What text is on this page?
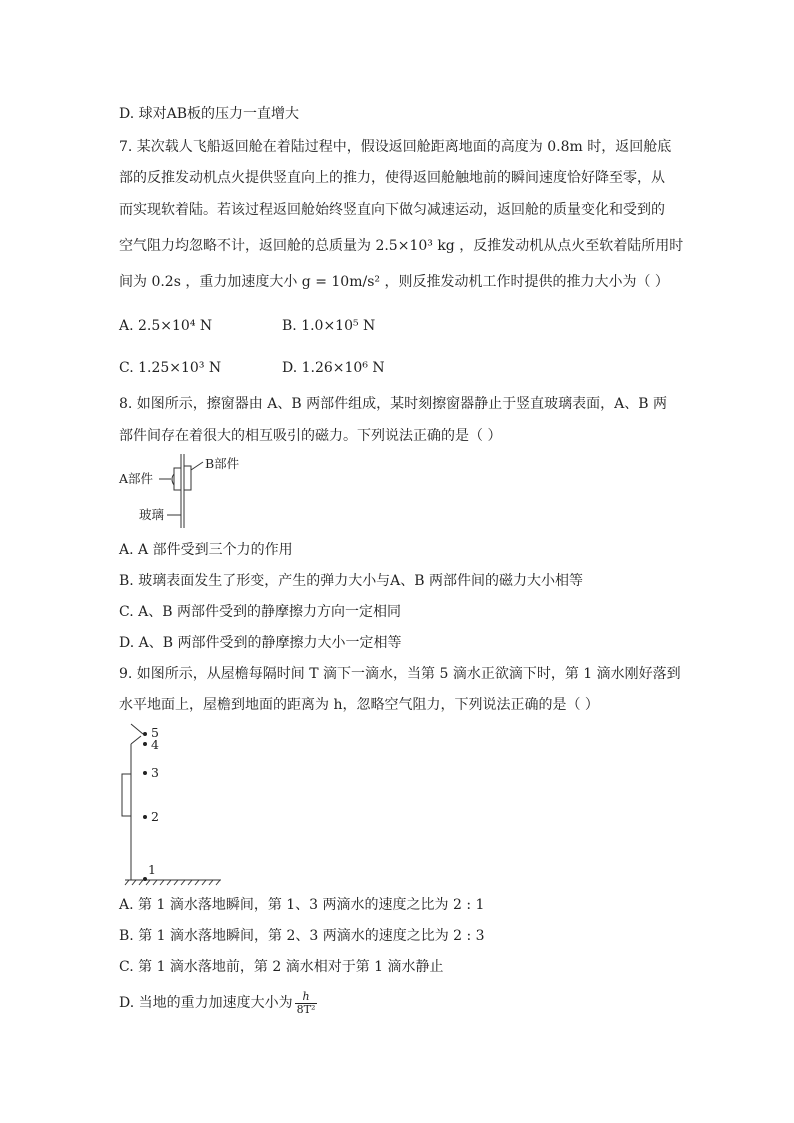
D. 球对AB板的压力一直增大
7. 某次载人飞船返回舱在着陆过程中，假设返回舱距离地面的高度为 0.8m 时，返回舱底
部的反推发动机点火提供竖直向上的推力，使得返回舱触地前的瞬间速度恰好降至零，从
而实现软着陆。若该过程返回舱始终竖直向下做匀减速运动，返回舱的质量变化和受到的
空气阻力均忽略不计，返回舱的总质量为 2.5×10³ kg ，反推发动机从点火至软着陆所用时
间为 0.2s ，重力加速度大小 g = 10m/s² ，则反推发动机工作时提供的推力大小为（ ）
A. 2.5×10⁴ N	B. 1.0×10⁵ N
C. 1.25×10³ N	D. 1.26×10⁶ N
8. 如图所示，擦窗器由 A、B 两部件组成，某时刻擦窗器静止于竖直玻璃表面，A、B 两
部件间存在着很大的相互吸引的磁力。下列说法正确的是（ ）
A部件
B部件
玻璃
A. A 部件受到三个力的作用
B. 玻璃表面发生了形变，产生的弹力大小与A、B 两部件间的磁力大小相等
C. A、B 两部件受到的静摩擦力方向一定相同
D. A、B 两部件受到的静摩擦力大小一定相等
9. 如图所示，从屋檐每隔时间 T 滴下一滴水，当第 5 滴水正欲滴下时，第 1 滴水刚好落到
水平地面上，屋檐到地面的距离为 h，忽略空气阻力，下列说法正确的是（ ）
5
4
3
2
1
A. 第 1 滴水落地瞬间，第 1、3 两滴水的速度之比为 2 : 1
B. 第 1 滴水落地瞬间，第 2、3 两滴水的速度之比为 2 : 3
C. 第 1 滴水落地前，第 2 滴水相对于第 1 滴水静止
D. 当地的重力加速度大小为 $\frac{h}{\text{8T²}}$
